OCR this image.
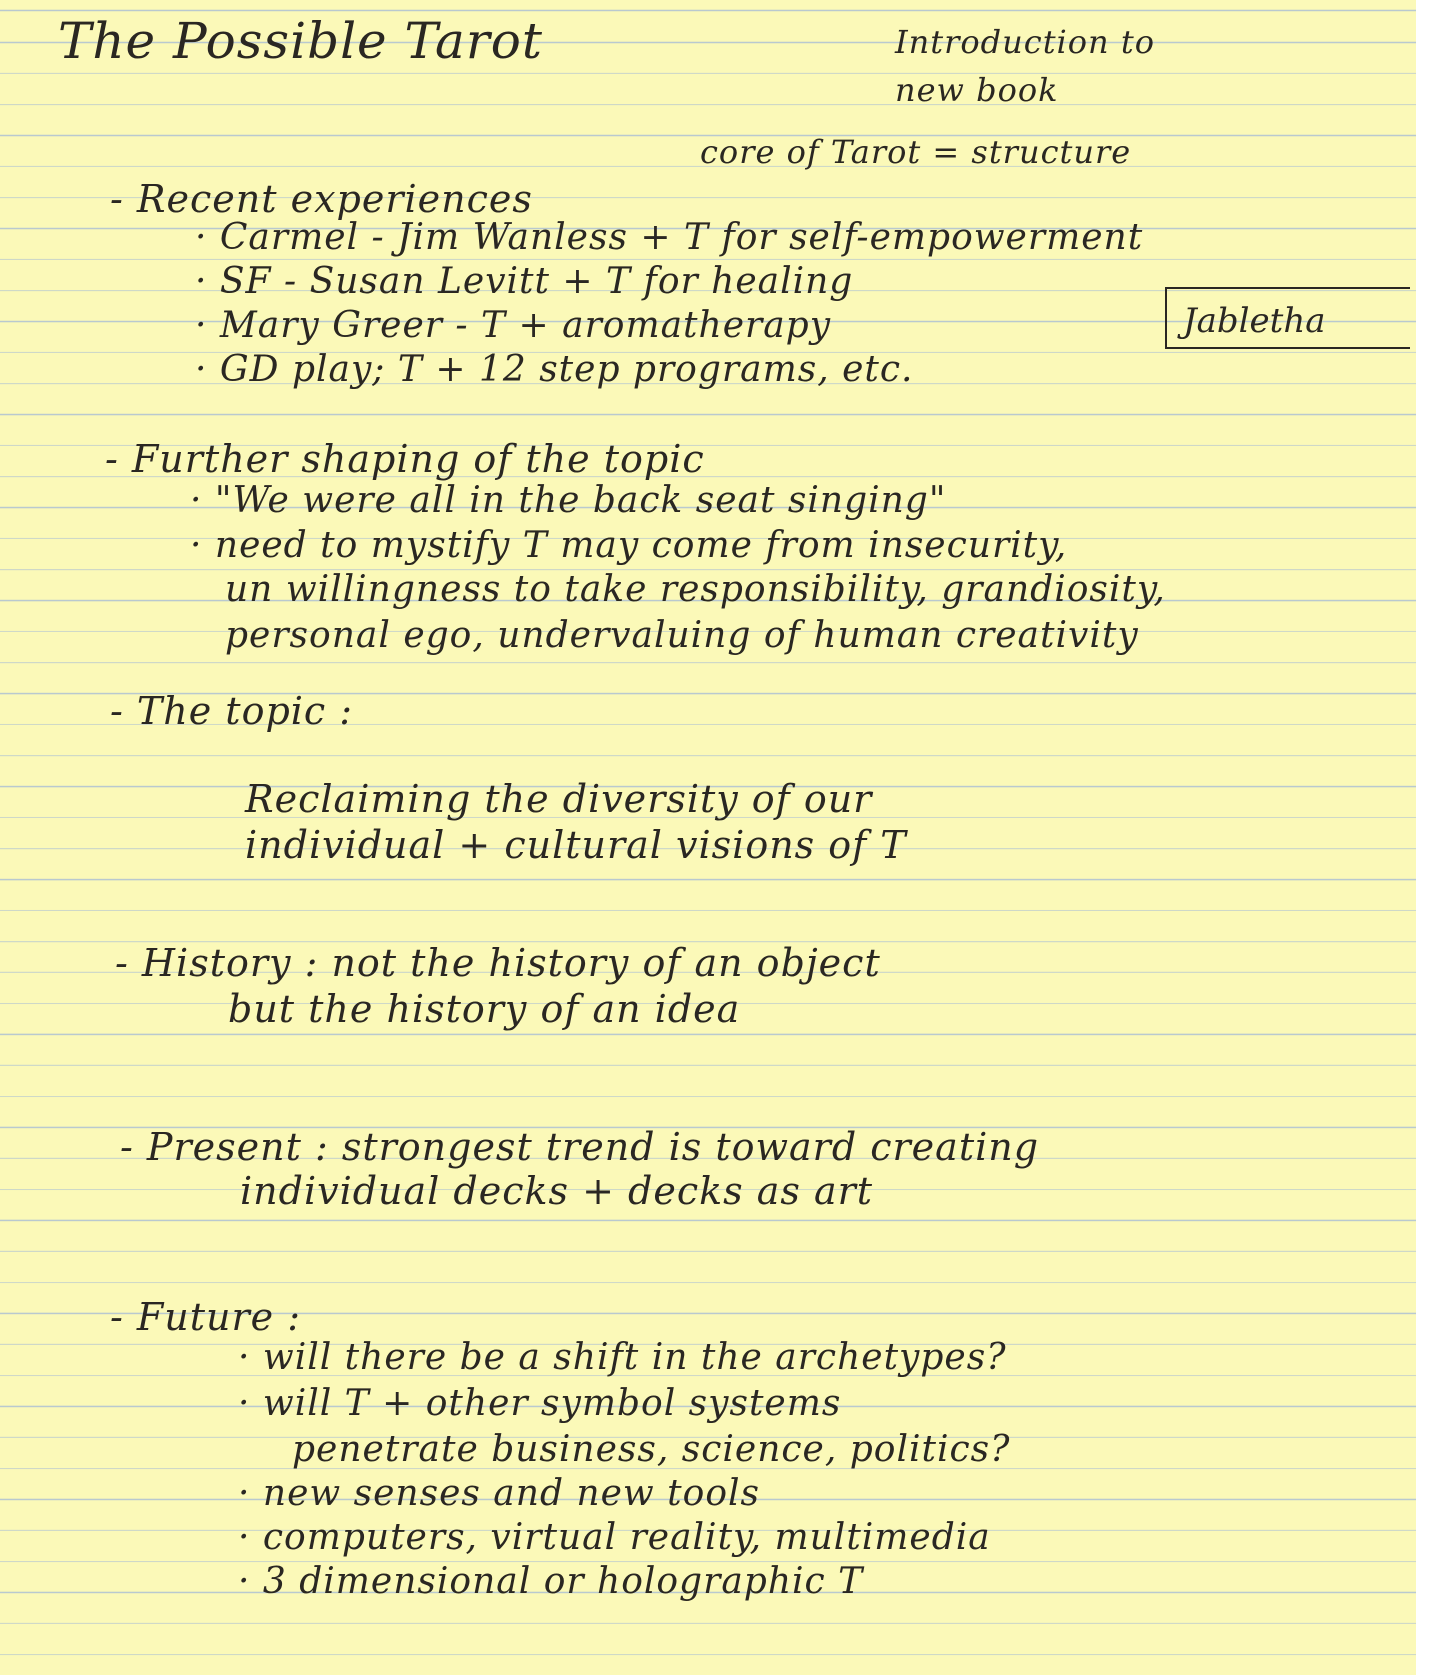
The Possible Tarot	Introduction to
new book
core of Tarot = structure
- Recent experiences
· Carmel - Jim Wanless + T for self-empowerment
· SF - Susan Levitt + T for healing
· Mary Greer - T + aromatherapy
· GD play; T + 12 step programs, etc.
Jabletha
- Further shaping of the topic
· "We were all in the back seat singing"
· need to mystify T may come from insecurity,
un willingness to take responsibility, grandiosity,
personal ego, undervaluing of human creativity
- The topic :
Reclaiming the diversity of our
individual + cultural visions of T
- History : not the history of an object
but the history of an idea
- Present : strongest trend is toward creating
individual decks + decks as art
- Future :
· will there be a shift in the archetypes?
· will T + other symbol systems
penetrate business, science, politics?
· new senses and new tools
· computers, virtual reality, multimedia
· 3 dimensional or holographic T
